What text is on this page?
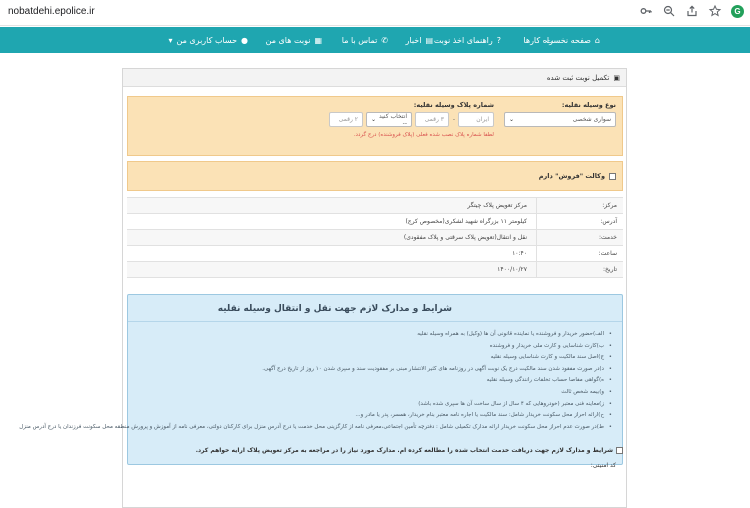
nobatdehi.epolice.ir	G
⌂
صفحه نخست
راه کارها
?
راهنمای اخذ نوبت
▤
اخبار
✆
تماس با ما
▦
نوبت های من
●
حساب کاربری من
▾
▣
تکمیل نوبت ثبت شده
نوع وسیله نقلیه:
سواری شخصی
⌄
شماره پلاک وسیله نقلیه:
ایران
-
۳ رقمی
انتخاب کنید --
⌄
۲ رقمی
لطفا شماره پلاک نصب شده فعلی (پلاک فروشنده) درج گردد.
وکالت "فروش" دارم
مرکز:
مرکز تعویض پلاک چیتگر
آدرس:
کیلومتر ۱۱ بزرگراه شهید لشکری(مخصوص کرج)
خدمت:
نقل و انتقال(تعویض پلاک سرقتی و پلاک مفقودی)
ساعت:
۱۰:۴۰
تاریخ:
۱۴۰۰/۱۰/۲۷
شرایط و مدارک لازم جهت نقل و انتقال وسیله نقلیه
• الف)حضور خریدار و فروشنده یا نماینده قانونی آن ها (وکیل) به همراه وسیله نقلیه
• ب)کارت شناسایی و کارت ملی خریدار و فروشنده
• ج)اصل سند مالکیت و کارت شناسایی وسیله نقلیه
• د)در صورت مفقود شدن سند مالکیت درج یک نوبت آگهی در روزنامه های کثیر الانتشار مبنی بر مفقودیت سند و سپری شدن ۱۰ روز از تاریخ درج آگهی.
• ه)گواهی مفاصا حساب تخلفات رانندگی وسیله نقلیه
• و)بیمه شخص ثالث
• ز)معاینه فنی معتبر (خودروهایی که ۴ سال از سال ساخت آن ها سپری شده باشد)
• ح)ارائه احراز محل سکونت خریدار شامل: سند مالکیت یا اجاره نامه معتبر بنام خریدار، همسر، پدر یا مادر و...
• ط)در صورت عدم احراز محل سکونت خریدار ارائه مدارک تکمیلی شامل : دفترچه تأمین اجتماعی،معرفی نامه از کارگزینی محل خدمت یا درج آدرس منزل برای کارکنان دولتی، معرفی نامه از آموزش و پرورش منطقه محل سکونت فرزندان یا درج آدرس منزل
شرایط و مدارک لازم جهت دریافت خدمت انتخاب شده را مطالعه کرده ام. مدارک مورد نیاز را در مراجعه به مرکز تعویض پلاک ارایه خواهم کرد.
کد امنیتی:
